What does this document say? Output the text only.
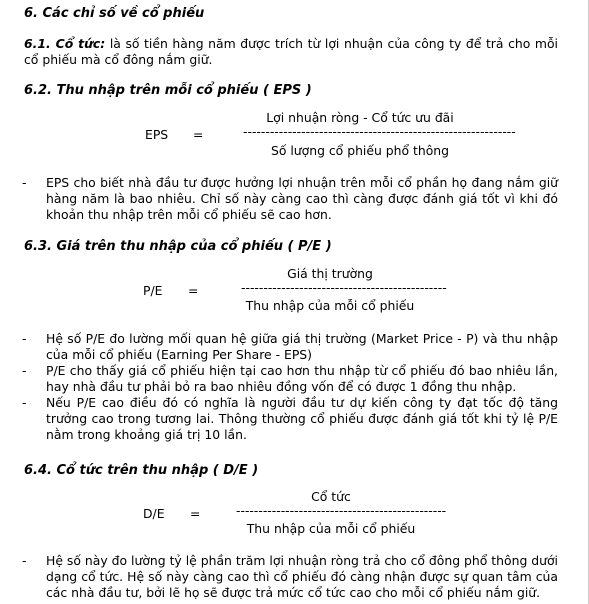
6. Các chỉ số về cổ phiếu
6.1. Cổ tức: là số tiền hàng năm được trích từ lợi nhuận của công ty để trả cho mỗi cổ phiếu mà cổ đông nắm giữ.
6.2. Thu nhập trên mỗi cổ phiếu ( EPS )
EPS =
Lợi nhuận ròng - Cổ tức ưu đãi
-------------------------------------------------------------
Số lượng cổ phiếu phổ thông
- EPS cho biết nhà đầu tư được hưởng lợi nhuận trên mỗi cổ phần họ đang nắm giữ hàng năm là bao nhiêu. Chỉ số này càng cao thì càng được đánh giá tốt vì khi đó khoản thu nhập trên mỗi cổ phiếu sẽ cao hơn.
6.3. Giá trên thu nhập của cổ phiếu ( P/E )
P/E =
Giá thị trường
----------------------------------------------
Thu nhập của mỗi cổ phiếu
- Hệ số P/E đo lường mối quan hệ giữa giá thị trường (Market Price - P) và thu nhập của mỗi cổ phiếu (Earning Per Share - EPS)
- P/E cho thấy giá cổ phiếu hiện tại cao hơn thu nhập từ cổ phiếu đó bao nhiêu lần, hay nhà đầu tư phải bỏ ra bao nhiêu đồng vốn để có được 1 đồng thu nhập.
- Nếu P/E cao điều đó có nghĩa là người đầu tư dự kiến công ty đạt tốc độ tăng trưởng cao trong tương lai. Thông thường cổ phiếu được đánh giá tốt khi tỷ lệ P/E nằm trong khoảng giá trị 10 lần.
6.4. Cổ tức trên thu nhập ( D/E )
D/E =
Cổ tức
-----------------------------------------------
Thu nhập của mỗi cổ phiếu
- Hệ số này đo lường tỷ lệ phần trăm lợi nhuận ròng trả cho cổ đông phổ thông dưới dạng cổ tức. Hệ số này càng cao thì cổ phiếu đó càng nhận được sự quan tâm của các nhà đầu tư, bởi lẽ họ sẽ được trả mức cổ tức cao cho mỗi cổ phiếu nắm giữ.
